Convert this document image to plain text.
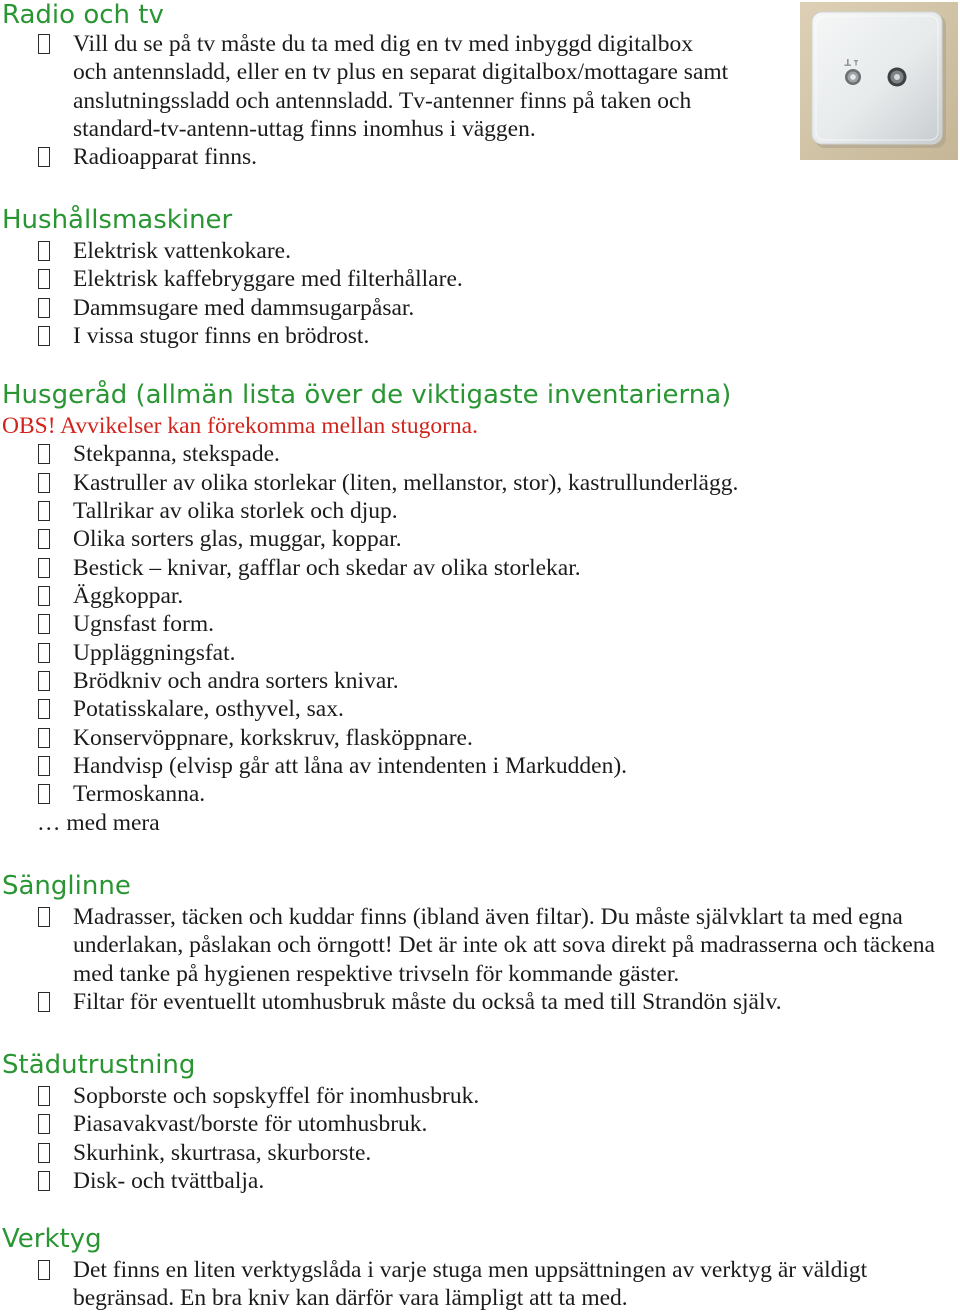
Radio och tv
Vill du se på tv måste du ta med dig en tv med inbyggd digitalbox
och antennsladd, eller en tv plus en separat digitalbox/mottagare samt
anslutningssladd och antennsladd. Tv-antenner finns på taken och
standard-tv-antenn-uttag finns inomhus i väggen.
Radioapparat finns.
Hushållsmaskiner
Elektrisk vattenkokare.
Elektrisk kaffebryggare med filterhållare.
Dammsugare med dammsugarpåsar.
I vissa stugor finns en brödrost.
Husgeråd (allmän lista över de viktigaste inventarierna)
OBS! Avvikelser kan förekomma mellan stugorna.
Stekpanna, stekspade.
Kastruller av olika storlekar (liten, mellanstor, stor), kastrullunderlägg.
Tallrikar av olika storlek och djup.
Olika sorters glas, muggar, koppar.
Bestick – knivar, gafflar och skedar av olika storlekar.
Äggkoppar.
Ugnsfast form.
Uppläggningsfat.
Brödkniv och andra sorters knivar.
Potatisskalare, osthyvel, sax.
Konservöppnare, korkskruv, flasköppnare.
Handvisp (elvisp går att låna av intendenten i Markudden).
Termoskanna.
… med mera
Sänglinne
Madrasser, täcken och kuddar finns (ibland även filtar). Du måste självklart ta med egna
underlakan, påslakan och örngott! Det är inte ok att sova direkt på madrasserna och täckena
med tanke på hygienen respektive trivseln för kommande gäster.
Filtar för eventuellt utomhusbruk måste du också ta med till Strandön själv.
Städutrustning
Sopborste och sopskyffel för inomhusbruk.
Piasavakvast/borste för utomhusbruk.
Skurhink, skurtrasa, skurborste.
Disk- och tvättbalja.
Verktyg
Det finns en liten verktygslåda i varje stuga men uppsättningen av verktyg är väldigt
begränsad. En bra kniv kan därför vara lämpligt att ta med.
